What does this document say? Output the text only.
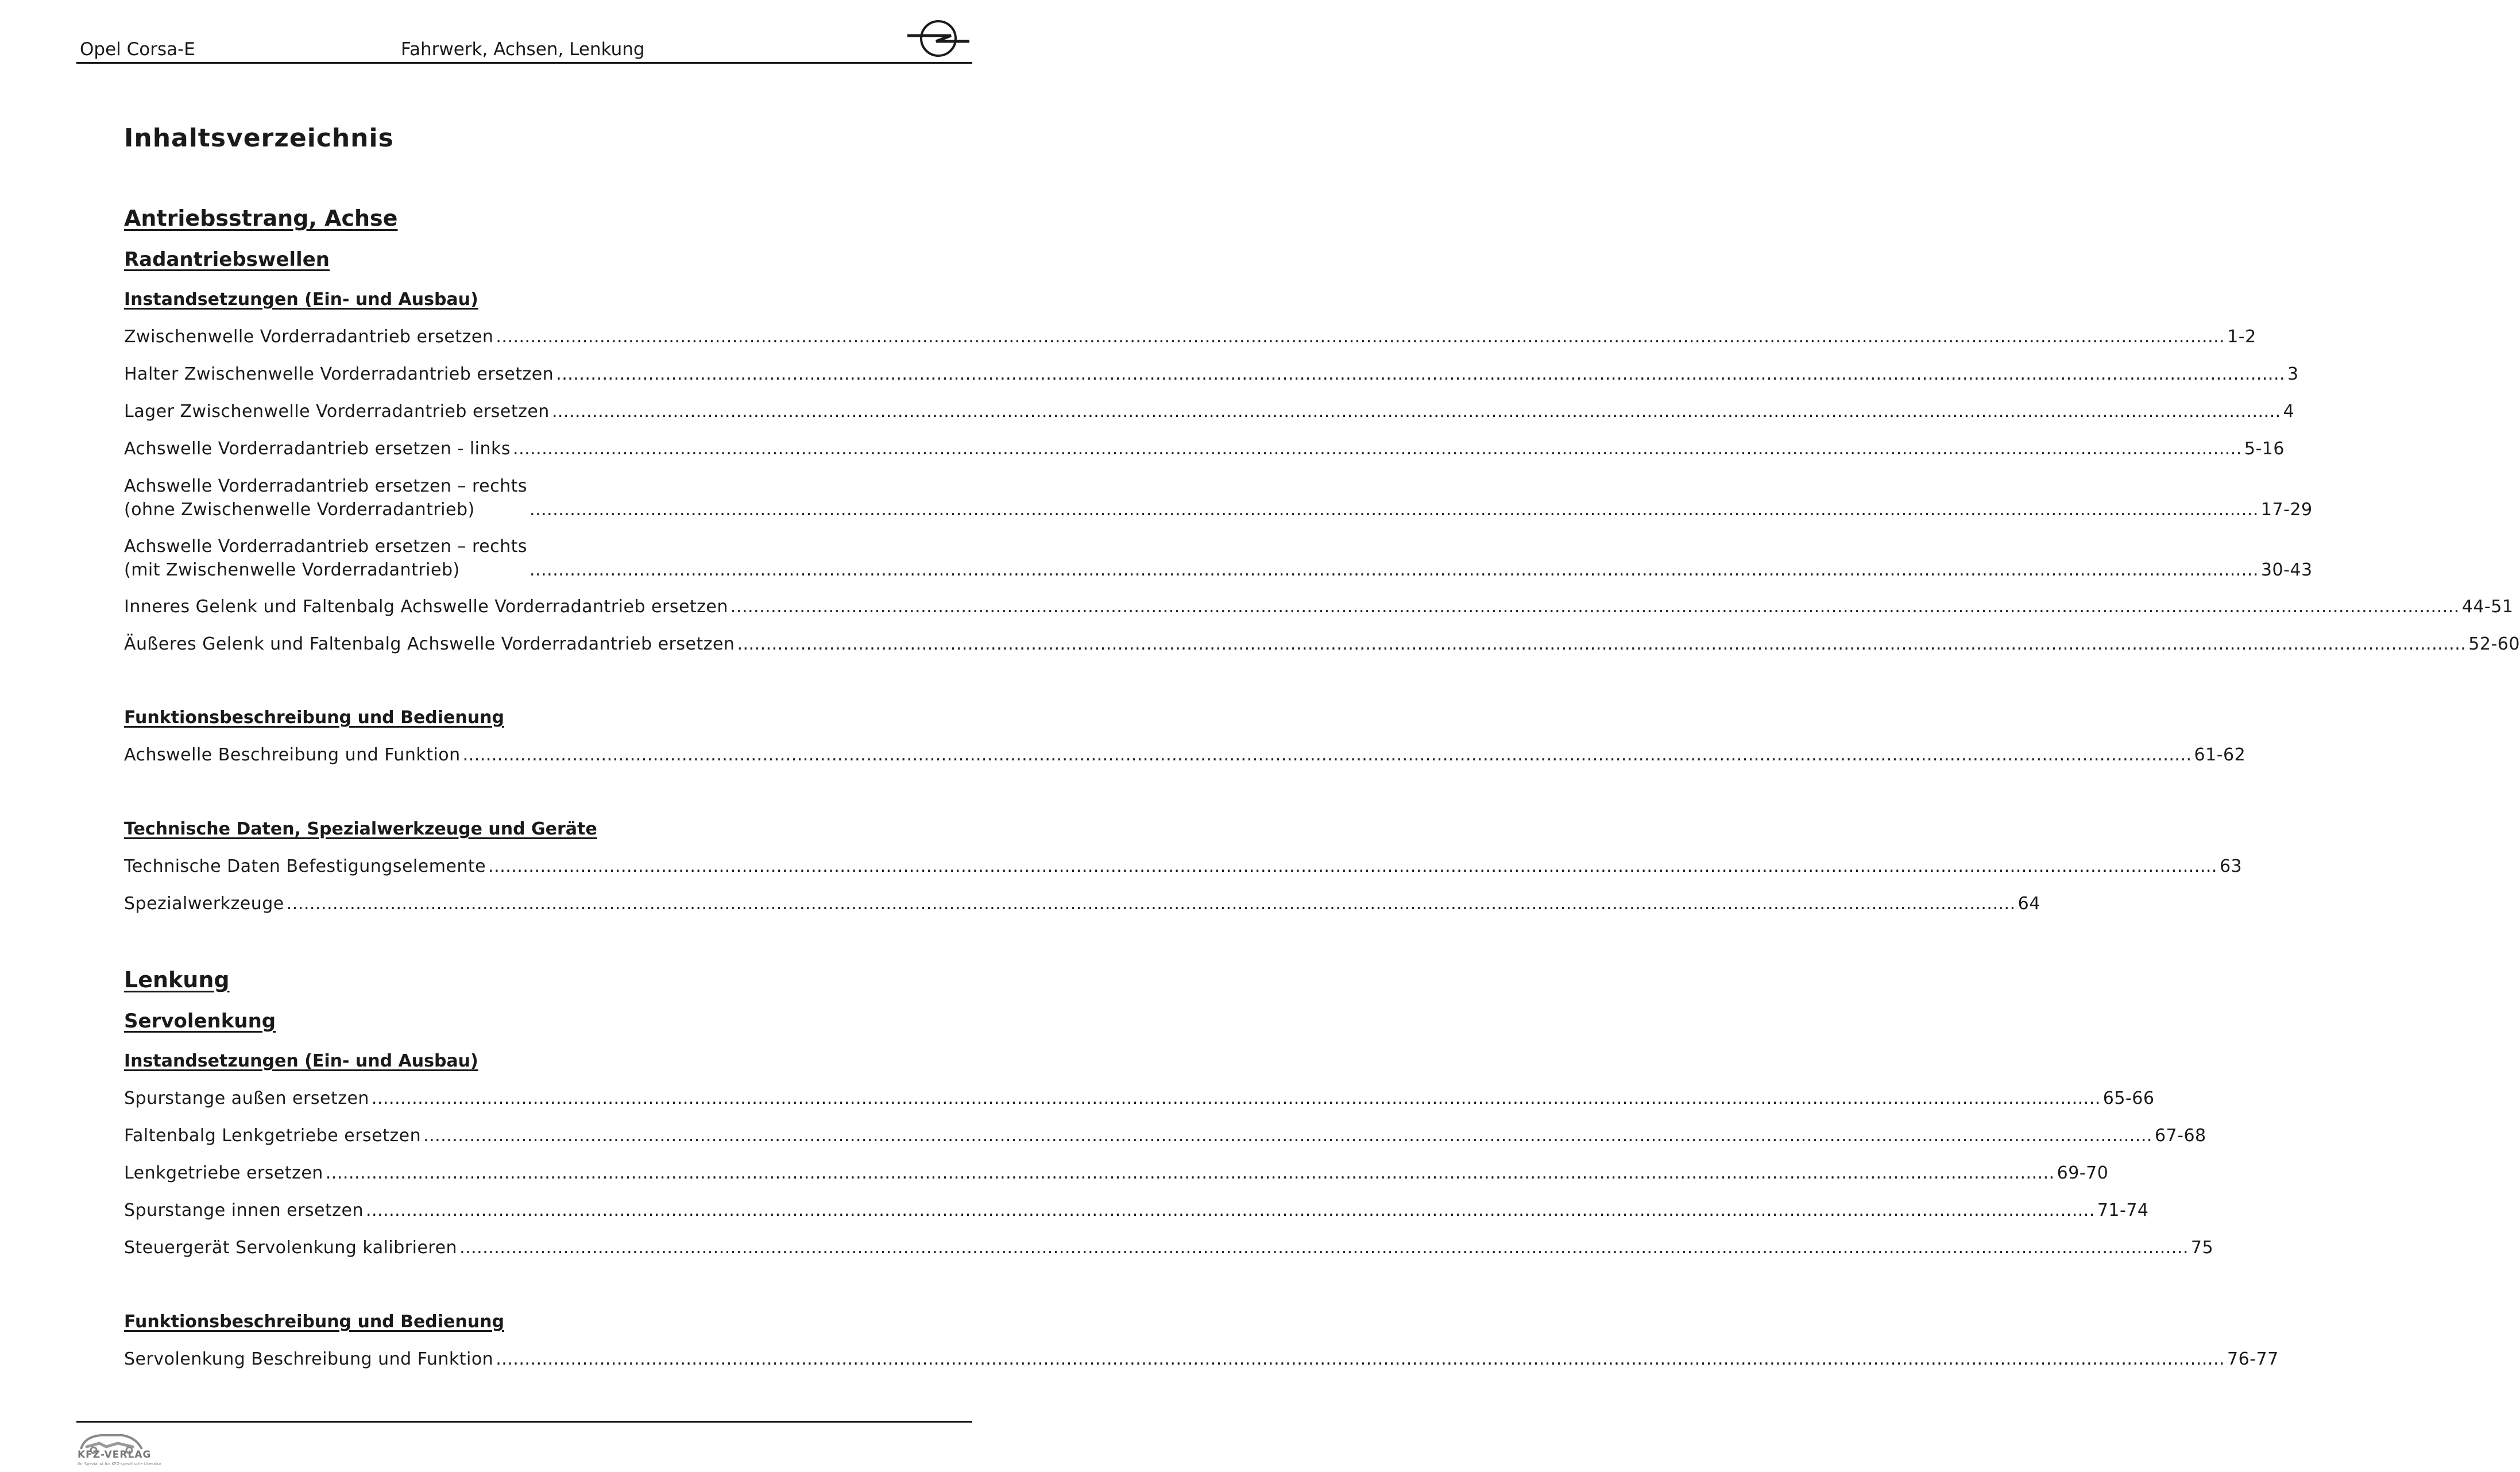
Opel Corsa-E	Fahrwerk, Achsen, Lenkung
Inhaltsverzeichnis
Antriebsstrang, Achse
Radantriebswellen
Instandsetzungen (Ein- und Ausbau)
Zwischenwelle Vorderradantrieb ersetzen ............................................................................................................................................................................................................................................................................................................ 1-2
Halter Zwischenwelle Vorderradantrieb ersetzen ............................................................................................................................................................................................................................................................................................................ 3
Lager Zwischenwelle Vorderradantrieb ersetzen ............................................................................................................................................................................................................................................................................................................ 4
Achswelle Vorderradantrieb ersetzen - links ............................................................................................................................................................................................................................................................................................................ 5-16
Achswelle Vorderradantrieb ersetzen – rechts
(ohne Zwischenwelle Vorderradantrieb)	............................................................................................................................................................................................................................................................................................................ 17-29
Achswelle Vorderradantrieb ersetzen – rechts
(mit Zwischenwelle Vorderradantrieb)	............................................................................................................................................................................................................................................................................................................ 30-43
Inneres Gelenk und Faltenbalg Achswelle Vorderradantrieb ersetzen ............................................................................................................................................................................................................................................................................................................ 44-51
Äußeres Gelenk und Faltenbalg Achswelle Vorderradantrieb ersetzen ............................................................................................................................................................................................................................................................................................................ 52-60
Funktionsbeschreibung und Bedienung
Achswelle Beschreibung und Funktion ............................................................................................................................................................................................................................................................................................................ 61-62
Technische Daten, Spezialwerkzeuge und Geräte
Technische Daten Befestigungselemente ............................................................................................................................................................................................................................................................................................................ 63
Spezialwerkzeuge ............................................................................................................................................................................................................................................................................................................ 64
Lenkung
Servolenkung
Instandsetzungen (Ein- und Ausbau)
Spurstange außen ersetzen ............................................................................................................................................................................................................................................................................................................ 65-66
Faltenbalg Lenkgetriebe ersetzen ............................................................................................................................................................................................................................................................................................................ 67-68
Lenkgetriebe ersetzen ............................................................................................................................................................................................................................................................................................................ 69-70
Spurstange innen ersetzen ............................................................................................................................................................................................................................................................................................................ 71-74
Steuergerät Servolenkung kalibrieren ............................................................................................................................................................................................................................................................................................................ 75
Funktionsbeschreibung und Bedienung
Servolenkung Beschreibung und Funktion ............................................................................................................................................................................................................................................................................................................ 76-77
KFZ-VERLAG
Ihr Spezialist für KFZ-spezifische Literatur
